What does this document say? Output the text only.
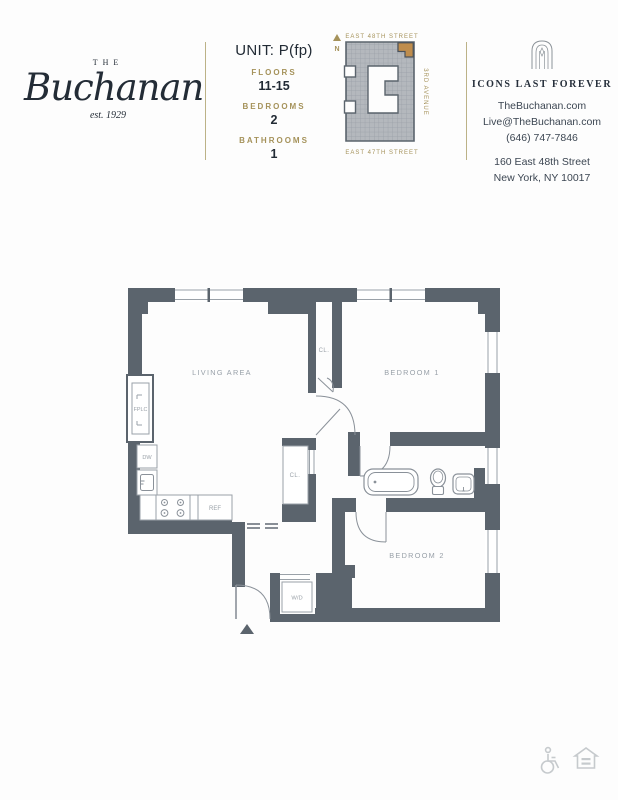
THE
Buchanan
est. 1929
UNIT: P(fp)
FLOORS
11-15
BEDROOMS
2
BATHROOMS
1
N
EAST 48TH STREET
3RD AVENUE
EAST 47TH STREET
ICONS LAST FOREVER
TheBuchanan.com
Live@TheBuchanan.com
(646) 747-7846
160 East 48th Street
New York, NY 10017
FPLC
DW
REF
CL.
CL.
W/D
LIVING AREA	BEDROOM 1
BEDROOM 2
